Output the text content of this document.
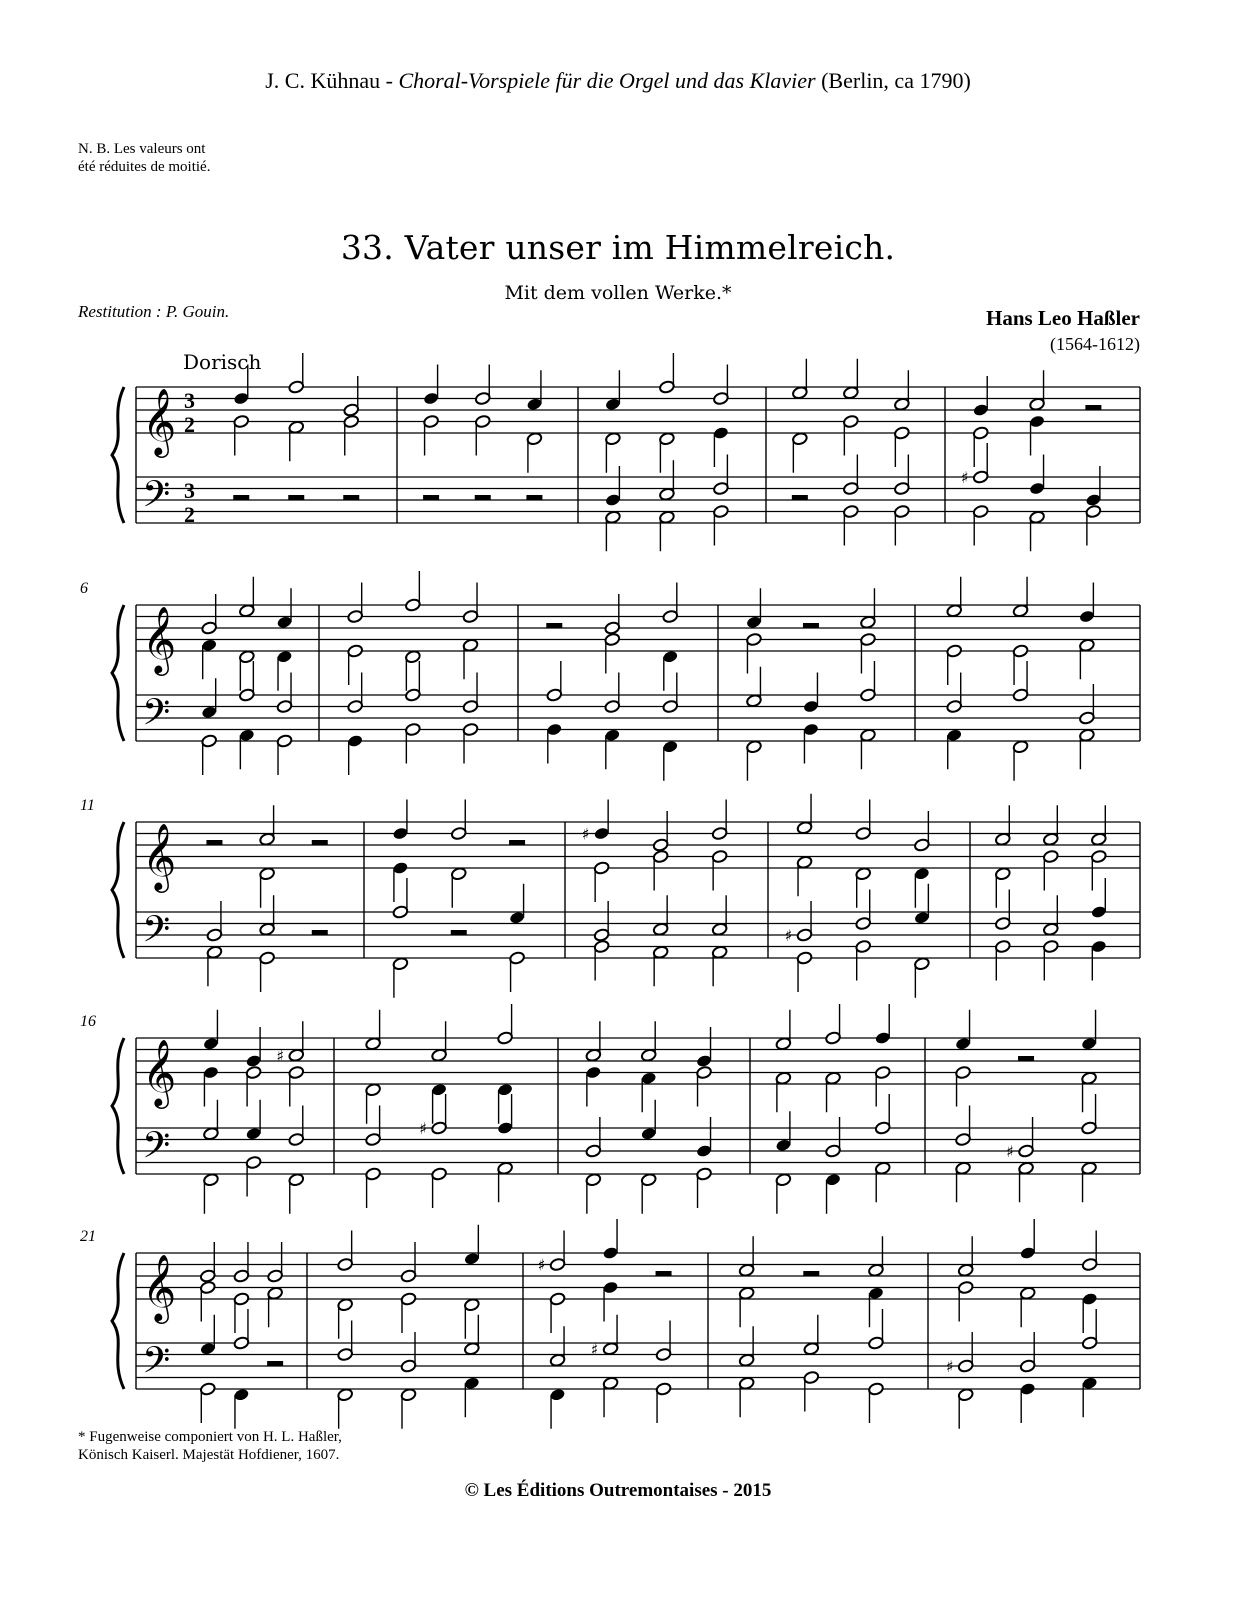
J. C. Kühnau - Choral-Vorspiele für die Orgel und das Klavier (Berlin, ca 1790)
N. B. Les valeurs ont
été réduites de moitié.
33. Vater unser im Himmelreich.
Mit dem vollen Werke.*
Restitution : P. Gouin.	Hans Leo Haßler
(1564-1612)
Dorisch
𝄞
𝄢
3
2
3
2
♯
𝄞
𝄢
6
𝄞
𝄢
11
♯
♯
𝄞
𝄢
16
♯
♯
♯
𝄞
𝄢
21
♯
♯
♯
* Fugenweise componiert von H. L. Haßler,
Könisch Kaiserl. Majestät Hofdiener, 1607.
© Les Éditions Outremontaises - 2015
